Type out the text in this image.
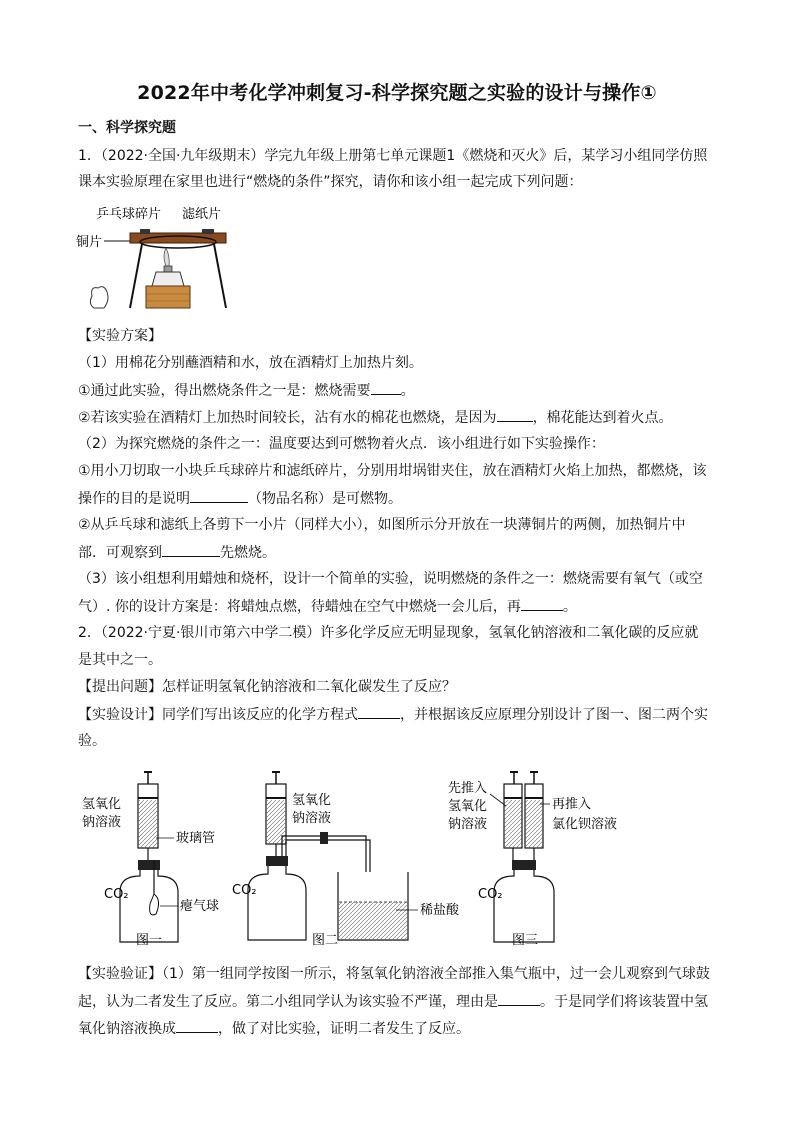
2022年中考化学冲刺复习-科学探究题之实验的设计与操作①
一、科学探究题
1．（2022·全国·九年级期末）学完九年级上册第七单元课题1《燃烧和灭火》后，某学习小组同学仿照
课本实验原理在家里也进行“燃烧的条件”探究，请你和该小组一起完成下列问题：
乒乓球碎片 滤纸片
铜片
【实验方案】
（1）用棉花分别蘸酒精和水，放在酒精灯上加热片刻。
①通过此实验，得出燃烧条件之一是：燃烧需要 。
②若该实验在酒精灯上加热时间较长，沾有水的棉花也燃烧，是因为	，棉花能达到着火点。
（2）为探究燃烧的条件之一：温度要达到可燃物着火点．该小组进行如下实验操作：
①用小刀切取一小块乒乓球碎片和滤纸碎片，分别用坩埚钳夹住，放在酒精灯火焰上加热，都燃烧，该
操作的目的是说明	（物品名称）是可燃物。
②从乒乓球和滤纸上各剪下一小片（同样大小），如图所示分开放在一块薄铜片的两侧，加热铜片中
部．可观察到	先燃烧。
（3）该小组想利用蜡烛和烧杯，设计一个简单的实验，说明燃烧的条件之一：燃烧需要有氧气（或空
气）. 你的设计方案是：将蜡烛点燃，待蜡烛在空气中燃烧一会儿后，再	。
2．（2022·宁夏·银川市第六中学二模）许多化学反应无明显现象，氢氧化钠溶液和二氧化碳的反应就
是其中之一。
【提出问题】怎样证明氢氧化钠溶液和二氧化碳发生了反应？
【实验设计】同学们写出该反应的化学方程式	，并根据该反应原理分别设计了图一、图二两个实
验。
氢氧化
钠溶液
玻璃管
CO₂
瘪气球
图一
氢氧化
钠溶液
CO₂
稀盐酸
图二
先推入
氢氧化
钠溶液
再推入
氯化钡溶液
CO₂
图三
【实验验证】（1）第一组同学按图一所示，将氢氧化钠溶液全部推入集气瓶中，过一会儿观察到气球鼓
起，认为二者发生了反应。第二小组同学认为该实验不严谨，理由是	。于是同学们将该装置中氢
氧化钠溶液换成	，做了对比实验，证明二者发生了反应。
